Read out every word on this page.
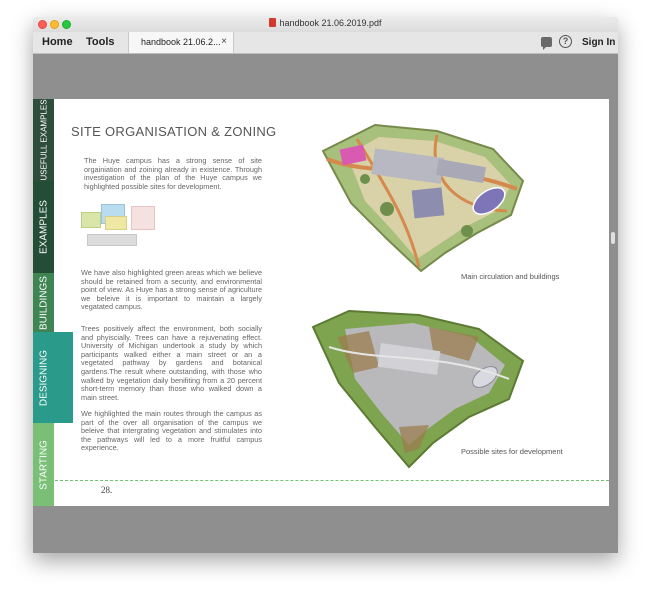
handbook 21.06.2019.pdf
Home Tools	handbook 21.06.2... ×	?	Sign In
USEFULL EXAMPLES
EXAMPLES
BUILDINGS
DESIGNING
STARTING
SITE ORGANISATION & ZONING
The Huye campus has a strong sense of site orgainiation and zoining already in existence. Through investigation of the plan of the Huye campus we highlighted possible sites for development.
We have also highlighted green areas which we believe should be retained from a security, and environmental point of view. As Huye has a strong sense of agriculture we beleive it is important to maintain a largely vegatated campus.
Trees positively affect the environment, both socially and phyiscially. Trees can have a rejuvenating effect. University of Michigan undertook a study by which participants walked either a main street or an a vegetated pathway by gardens and botanical gardens.The result where outstanding, with those who walked by vegetation daily benifiting from a 20 percent short-term memory than those who walked down a main street.
We highlighted the main routes through the campus as part of the over all organisation of the campus we beleive that intergrating vegetation and stimulates into the pathways will led to a more fruitful campus experience.
Main circulation and buildings
Possible sites for development
28.
